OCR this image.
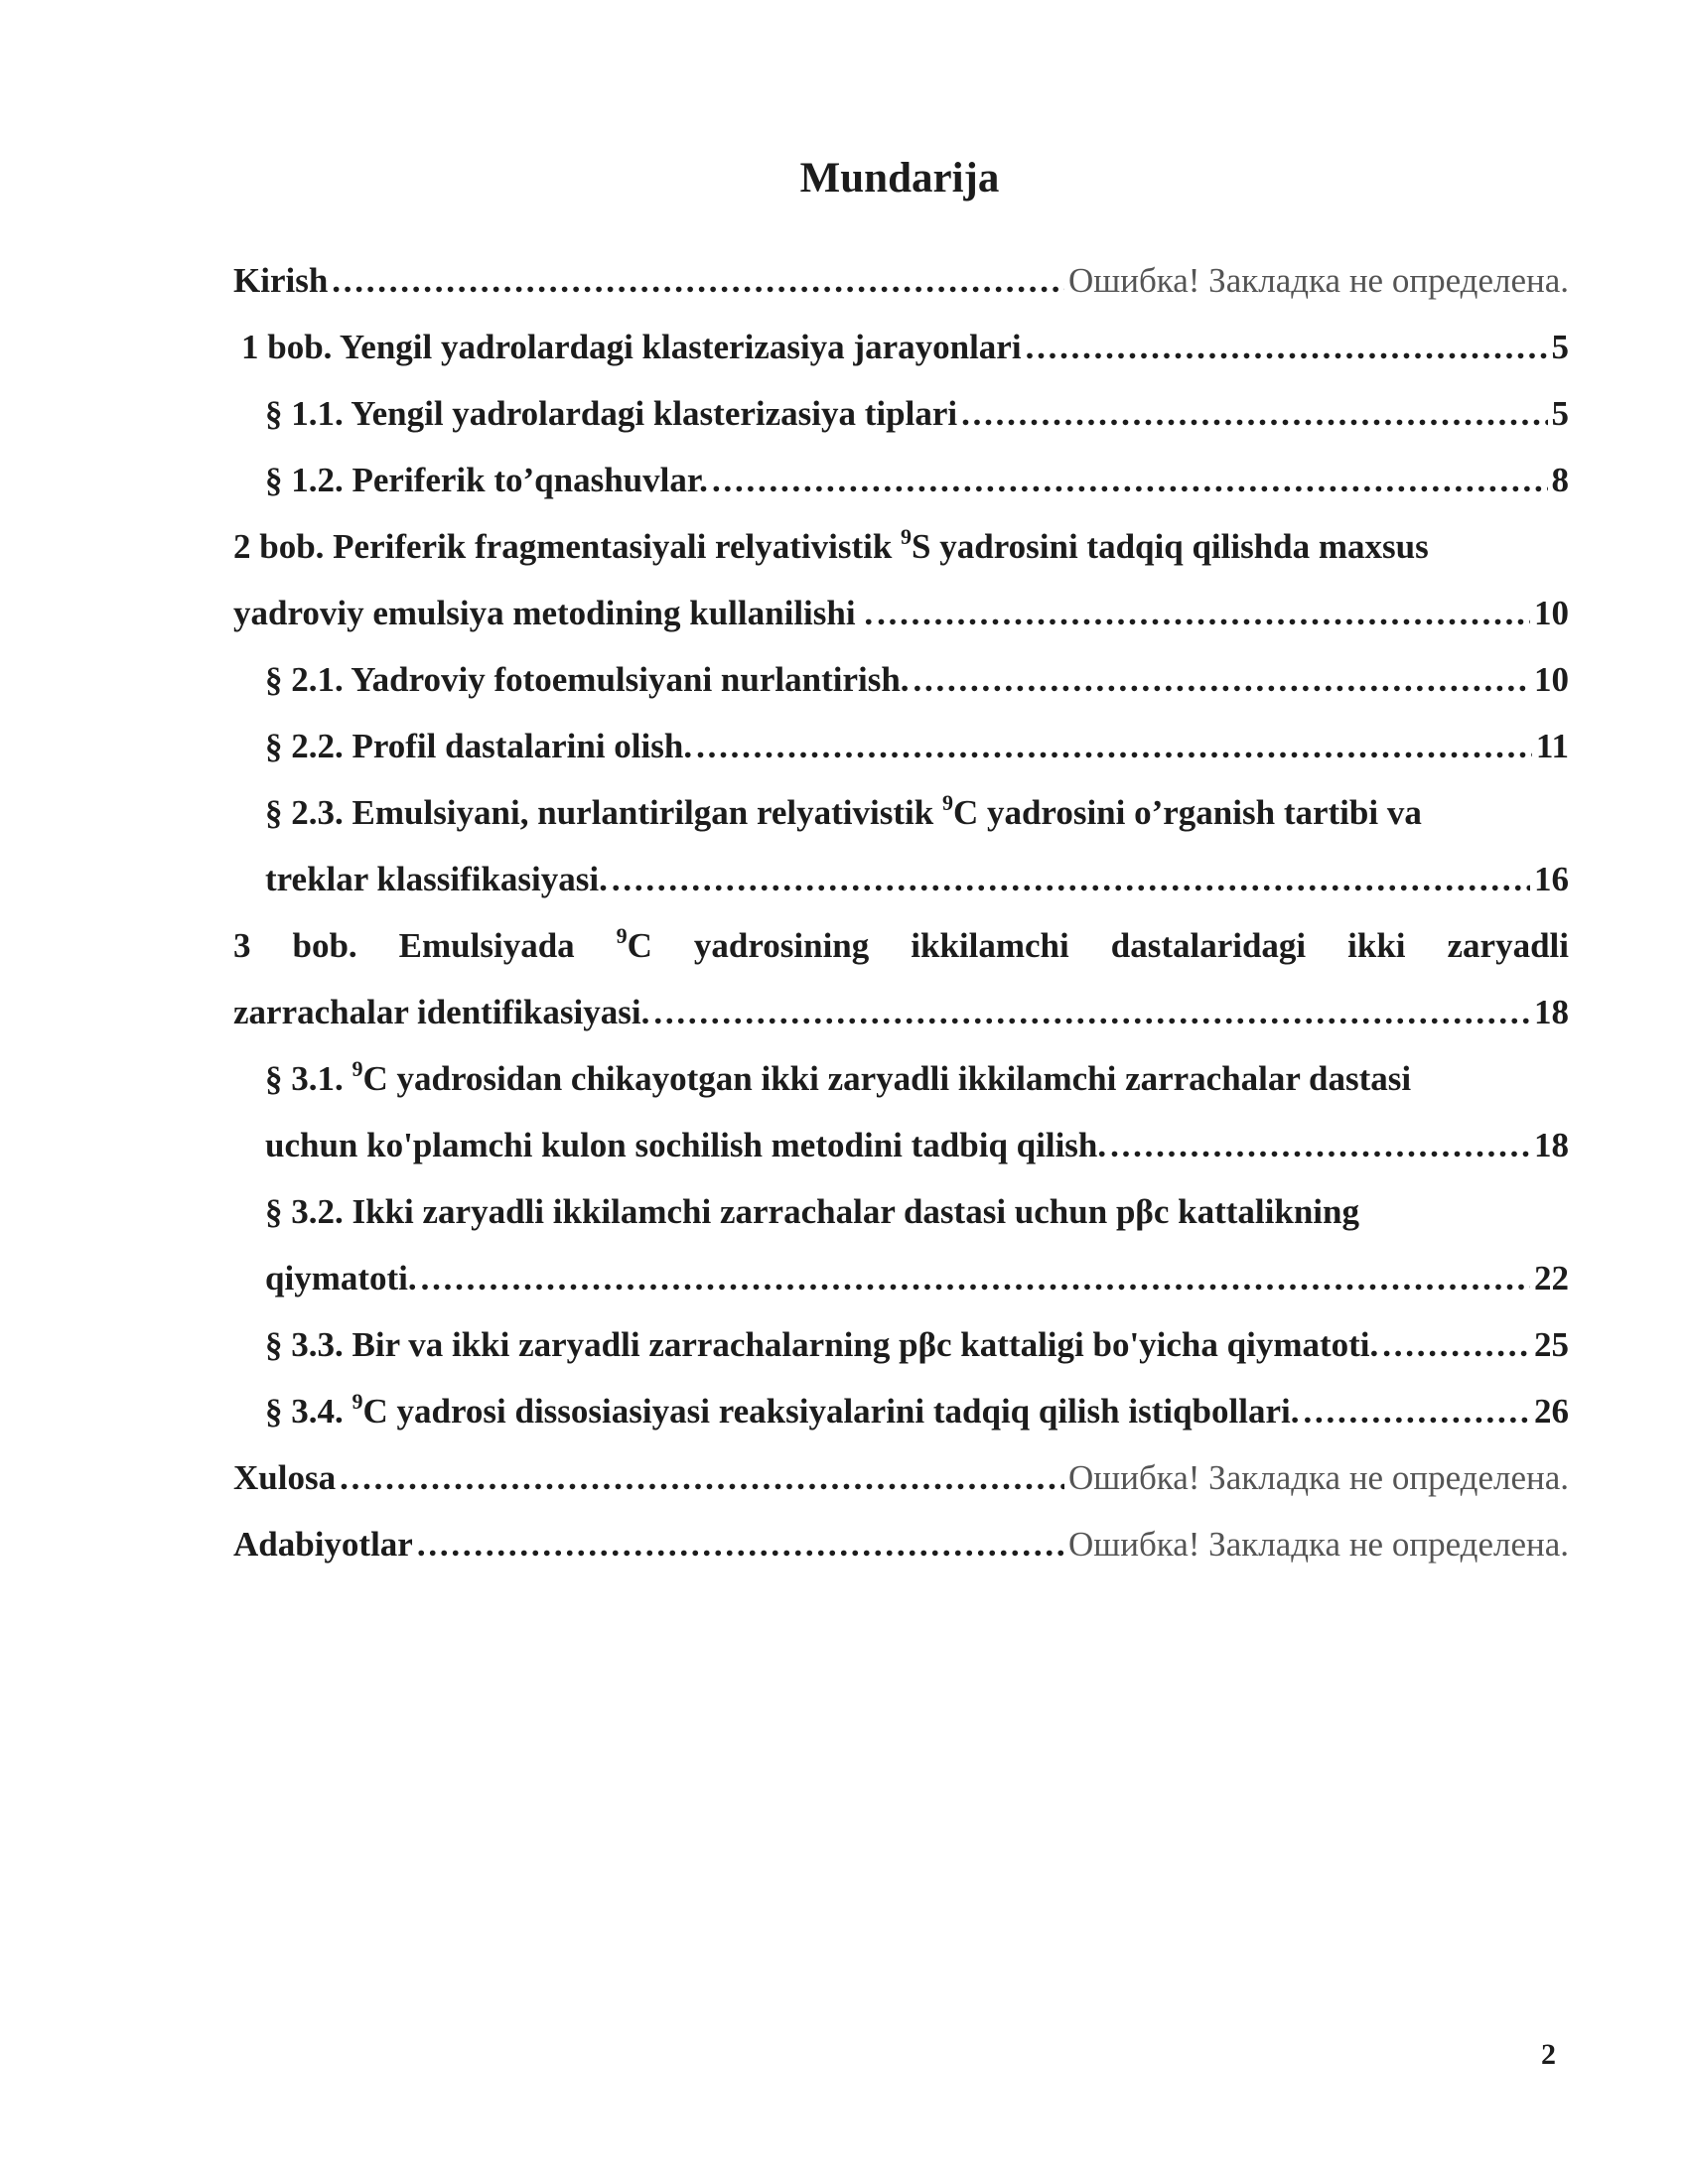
Mundarija
Kirish . . .	Ошибка! Закладка не определена.
1 bob. Yengil yadrolardagi klasterizasiya jarayonlari . . .	5
§ 1.1. Yengil yadrolardagi klasterizasiya tiplari . . .	5
§ 1.2. Periferik to’qnashuvlar. . . .	8
2 bob. Periferik fragmentasiyali relyativistik $^9$S yadrosini tadqiq qilishda maxsus
yadroviy emulsiya metodining kullanilishi . . . .	10
§ 2.1. Yadroviy fotoemulsiyani nurlantirish. . . .	10
§ 2.2. Profil dastalarini olish. . . .	11
§ 2.3. Emulsiyani, nurlantirilgan relyativistik $^9$C yadrosini o’rganish tartibi va
treklar klassifikasiyasi. . . .	16
3 bob. Emulsiyada $^9$C yadrosining ikkilamchi dastalaridagi ikki zaryadli
zarrachalar identifikasiyasi. . . .	18
§ 3.1. $^9$C yadrosidan chikayotgan ikki zaryadli ikkilamchi zarrachalar dastasi
uchun ko'plamchi kulon sochilish metodini tadbiq qilish. . . .	18
§ 3.2. Ikki zaryadli ikkilamchi zarrachalar dastasi uchun pβc kattalikning
qiymatoti. . . .	22
§ 3.3. Bir va ikki zaryadli zarrachalarning pβc kattaligi bo'yicha qiymatoti. . . .	25
§ 3.4. $^9$C yadrosi dissosiasiyasi reaksiyalarini tadqiq qilish istiqbollari. . . .	26
Xulosa . . .	Ошибка! Закладка не определена.
Adabiyotlar . . .	Ошибка! Закладка не определена.
2
